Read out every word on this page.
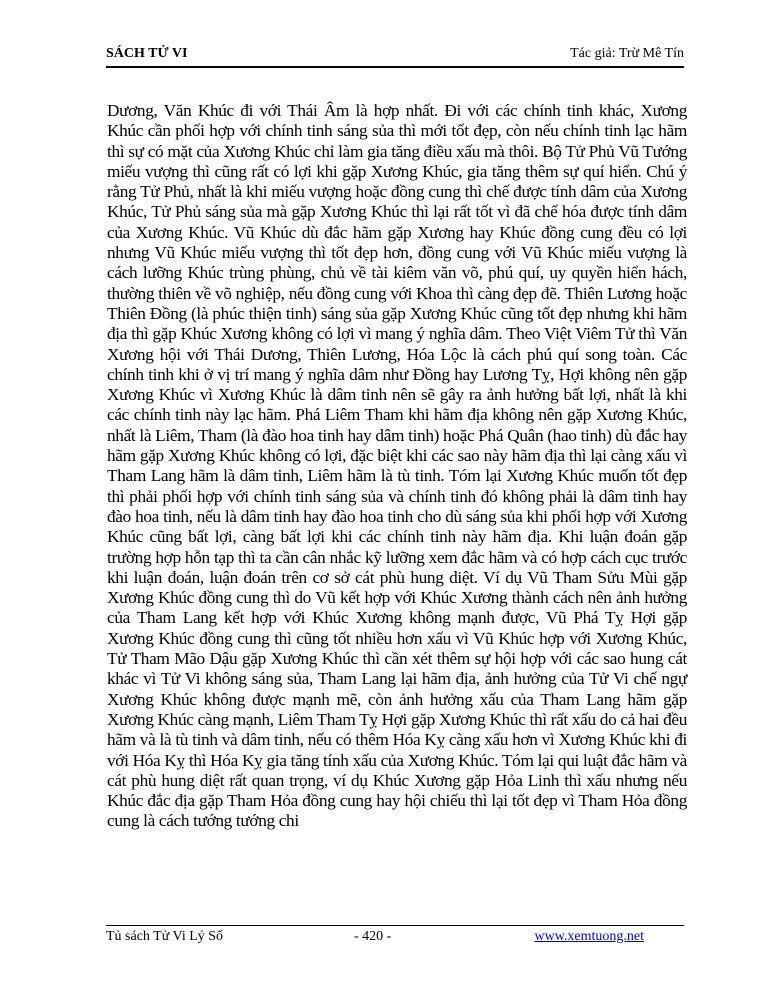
SÁCH TỬ VI	Tác giả: Trừ Mê Tín

Dương, Văn Khúc đi với Thái Âm là hợp nhất. Đi với các chính tinh khác, Xương Khúc cần phối hợp với chính tinh sáng sủa thì mới tốt đẹp, còn nếu chính tinh lạc hãm thì sự có mặt của Xương Khúc chỉ làm gia tăng điều xấu mà thôi. Bộ Tử Phủ Vũ Tướng miếu vượng thì cũng rất có lợi khi gặp Xương Khúc, gia tăng thêm sự quí hiển. Chú ý rằng Tử Phủ, nhất là khi miếu vượng hoặc đồng cung thì chế được tính dâm của Xương Khúc, Tử Phủ sáng sủa mà gặp Xương Khúc thì lại rất tốt vì đã chế hóa được tính dâm của Xương Khúc. Vũ Khúc dù đắc hãm gặp Xương hay Khúc đồng cung đều có lợi nhưng Vũ Khúc miếu vượng thì tốt đẹp hơn, đồng cung với Vũ Khúc miếu vượng là cách lưỡng Khúc trùng phùng, chủ về tài kiêm văn võ, phú quí, uy quyền hiển hách, thường thiên về võ nghiệp, nếu đồng cung với Khoa thì càng đẹp đẽ. Thiên Lương hoặc Thiên Đồng (là phúc thiện tinh) sáng sủa gặp Xương Khúc cũng tốt đẹp nhưng khi hãm địa thì gặp Khúc Xương không có lợi vì mang ý nghĩa dâm. Theo Việt Viêm Tử thì Văn Xương hội với Thái Dương, Thiên Lương, Hóa Lộc là cách phú quí song toàn. Các chính tinh khi ở vị trí mang ý nghĩa dâm như Đồng hay Lương Tỵ, Hợi không nên gặp Xương Khúc vì Xương Khúc là dâm tinh nên sẽ gây ra ảnh hưởng bất lợi, nhất là khi các chính tinh này lạc hãm. Phá Liêm Tham khi hãm địa không nên gặp Xương Khúc, nhất là Liêm, Tham (là đào hoa tinh hay dâm tinh) hoặc Phá Quân (hao tinh) dù đắc hay hãm gặp Xương Khúc không có lợi, đặc biệt khi các sao này hãm địa thì lại càng xấu vì Tham Lang hãm là dâm tinh, Liêm hãm là tù tinh. Tóm lại Xương Khúc muốn tốt đẹp thì phải phối hợp với chính tinh sáng sủa và chính tinh đó không phải là dâm tinh hay đào hoa tinh, nếu là dâm tinh hay đào hoa tinh cho dù sáng sủa khi phối hợp với Xương Khúc cũng bất lợi, càng bất lợi khi các chính tinh này hãm địa. Khi luận đoán gặp trường hợp hỗn tạp thì ta cần cân nhắc kỹ lưỡng xem đắc hãm và có hợp cách cục trước khi luận đoán, luận đoán trên cơ sở cát phù hung diệt. Ví dụ Vũ Tham Sửu Mùi gặp Xương Khúc đồng cung thì do Vũ kết hợp với Khúc Xương thành cách nên ảnh hưởng của Tham Lang kết hợp với Khúc Xương không mạnh được, Vũ Phá Tỵ Hợi gặp Xương Khúc đồng cung thì cũng tốt nhiều hơn xấu vì Vũ Khúc hợp với Xương Khúc, Tử Tham Mão Dậu gặp Xương Khúc thì cần xét thêm sự hội hợp với các sao hung cát khác vì Tử Vi không sáng sủa, Tham Lang lại hãm địa, ảnh hưởng của Tử Vi chế ngự Xương Khúc không được mạnh mẽ, còn ảnh hưởng xấu của Tham Lang hãm gặp Xương Khúc càng mạnh, Liêm Tham Tỵ Hợi gặp Xương Khúc thì rất xấu do cả hai đều hãm và là tù tinh và dâm tinh, nếu có thêm Hóa Kỵ càng xấu hơn vì Xương Khúc khi đi với Hóa Kỵ thì Hóa Kỵ gia tăng tính xấu của Xương Khúc. Tóm lại qui luật đắc hãm và cát phù hung diệt rất quan trọng, ví dụ Khúc Xương gặp Hỏa Linh thì xấu nhưng nếu Khúc đắc địa gặp Tham Hỏa đồng cung hay hội chiếu thì lại tốt đẹp vì Tham Hỏa đồng cung là cách tướng tướng chi

Tủ sách Tử Vi Lý Số	- 420 -	www.xemtuong.net
